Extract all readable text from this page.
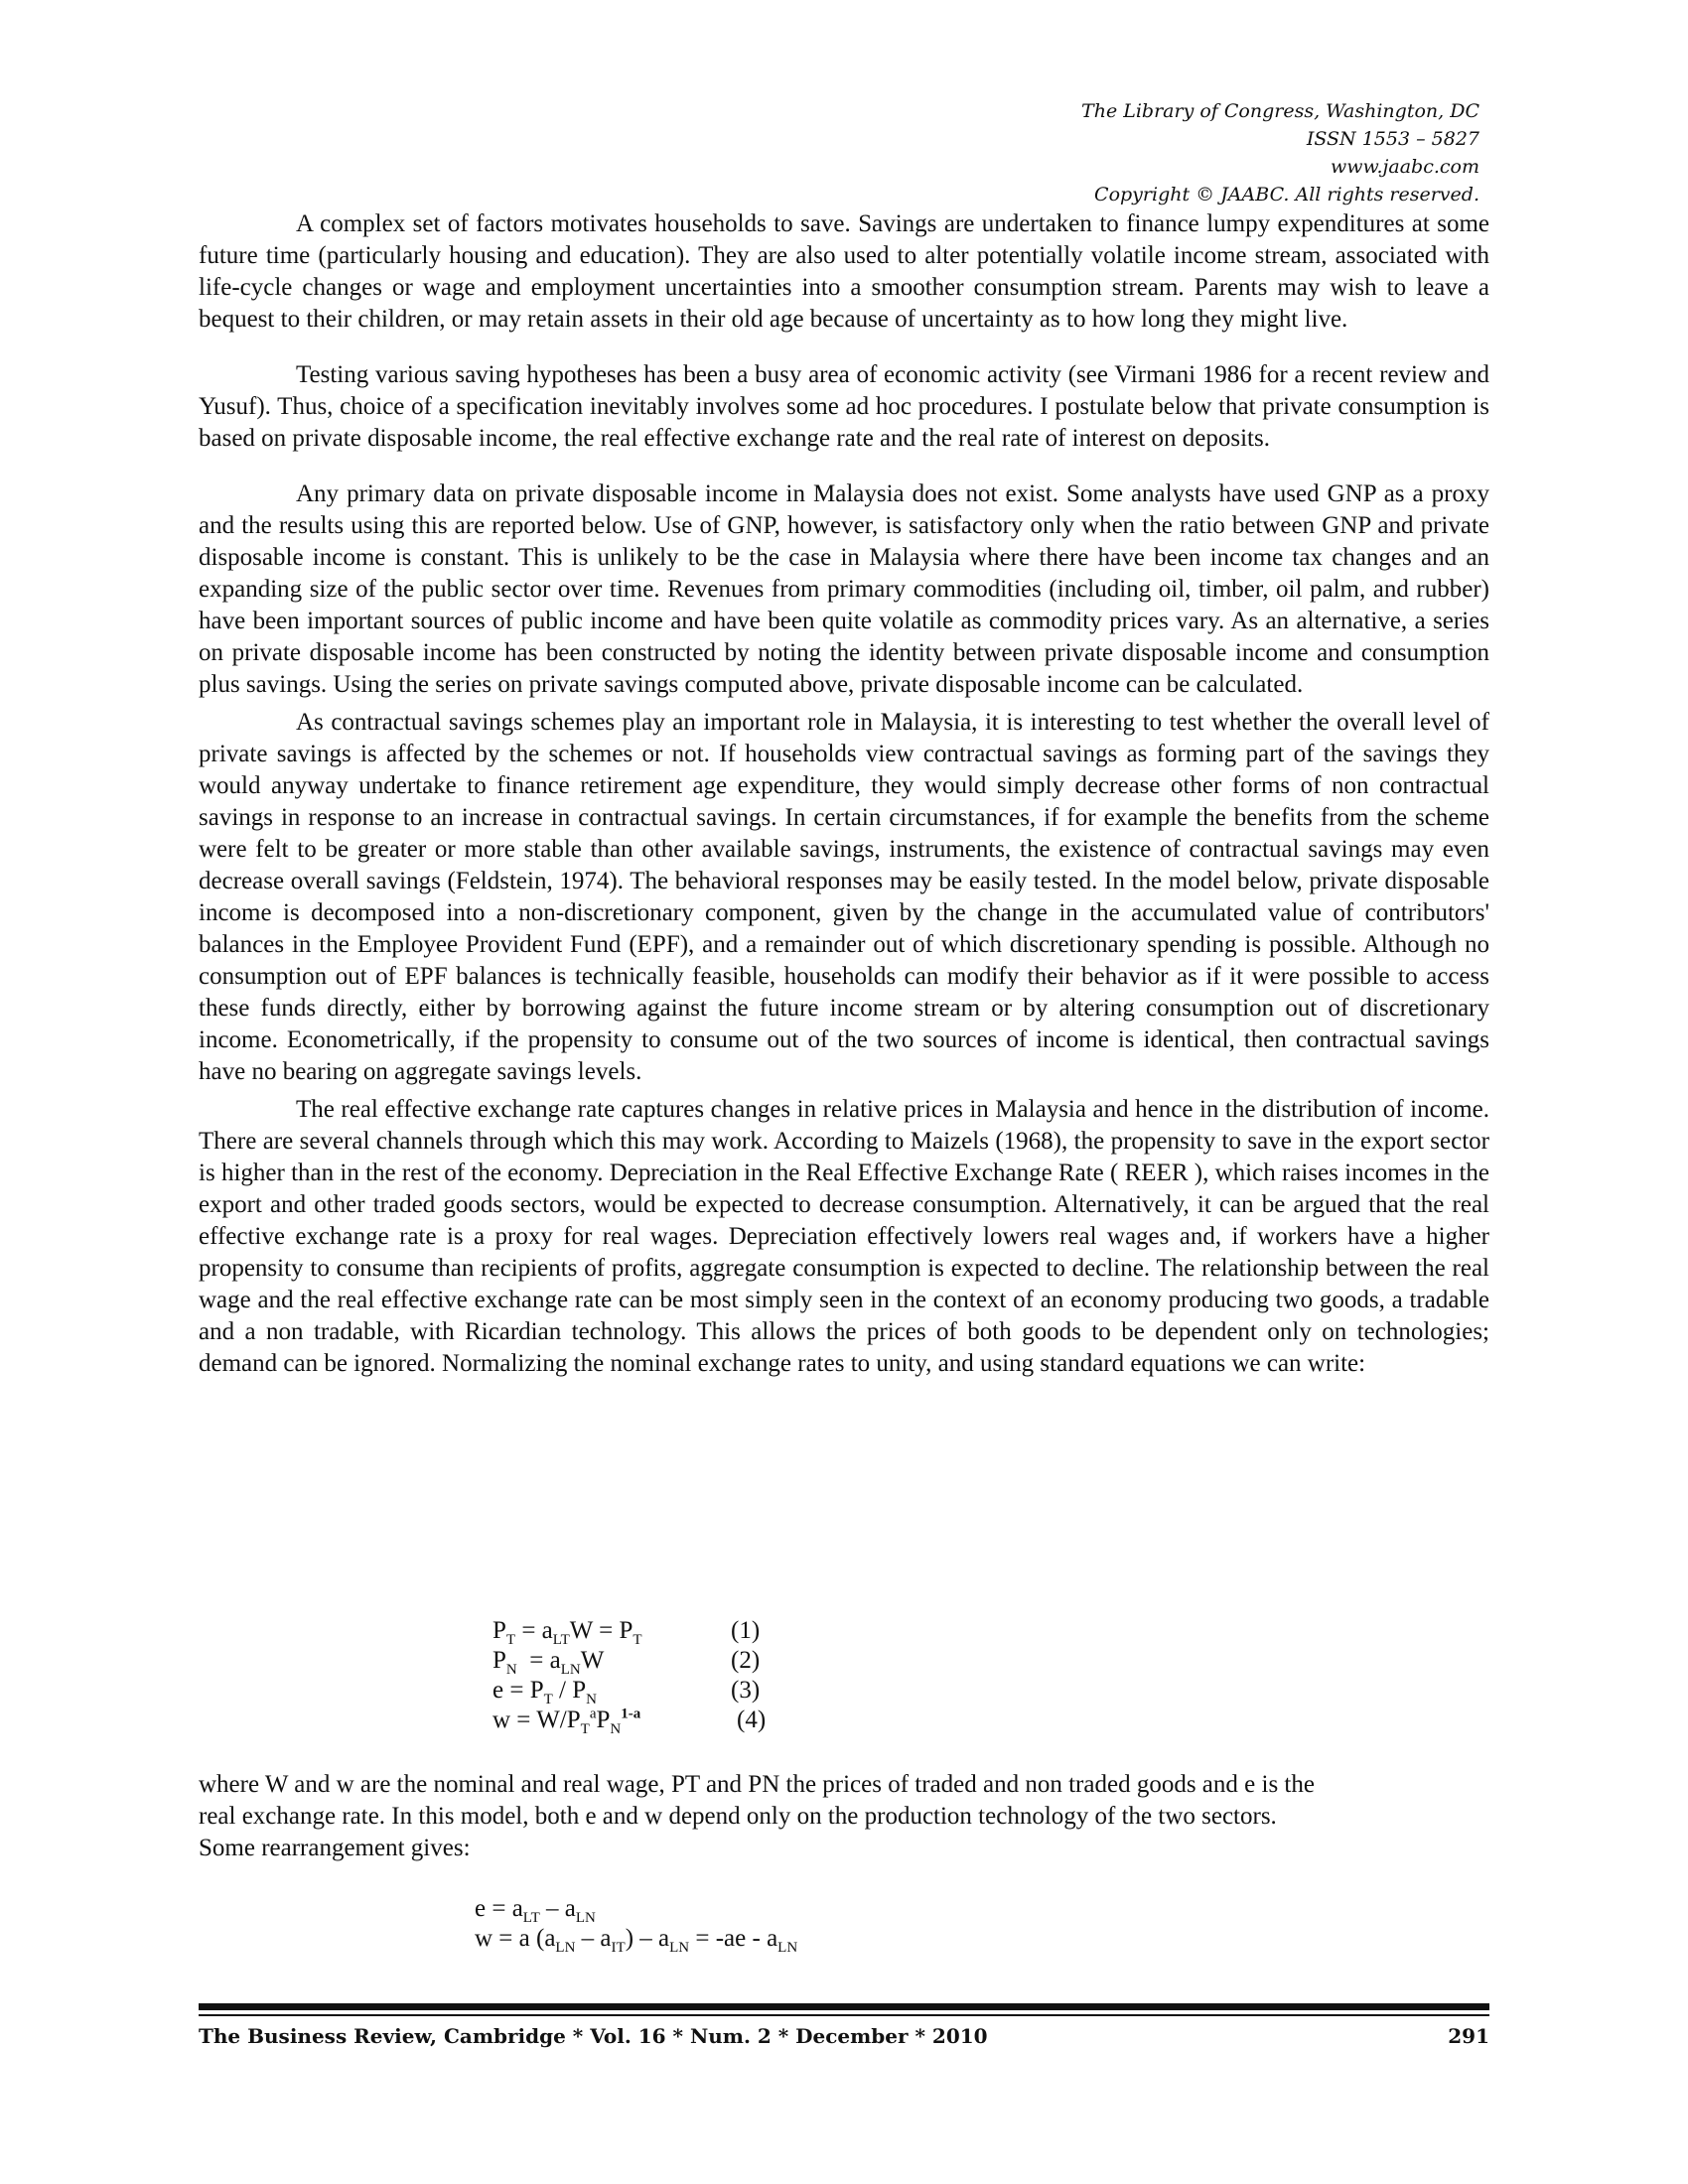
The Library of Congress, Washington, DC
ISSN 1553 – 5827
www.jaabc.com
Copyright © JAABC. All rights reserved.

A complex set of factors motivates households to save. Savings are undertaken to finance lumpy expenditures at some future time (particularly housing and education). They are also used to alter potentially volatile income stream, associated with life-cycle changes or wage and employment uncertainties into a smoother consumption stream. Parents may wish to leave a bequest to their children, or may retain assets in their old age because of uncertainty as to how long they might live.

Testing various saving hypotheses has been a busy area of economic activity (see Virmani 1986 for a recent review and Yusuf). Thus, choice of a specification inevitably involves some ad hoc procedures. I postulate below that private consumption is based on private disposable income, the real effective exchange rate and the real rate of interest on deposits.

Any primary data on private disposable income in Malaysia does not exist. Some analysts have used GNP as a proxy and the results using this are reported below. Use of GNP, however, is satisfactory only when the ratio between GNP and private disposable income is constant. This is unlikely to be the case in Malaysia where there have been income tax changes and an expanding size of the public sector over time. Revenues from primary commodities (including oil, timber, oil palm, and rubber) have been important sources of public income and have been quite volatile as commodity prices vary. As an alternative, a series on private disposable income has been constructed by noting the identity between private disposable income and consumption plus savings. Using the series on private savings computed above, private disposable income can be calculated.

As contractual savings schemes play an important role in Malaysia, it is interesting to test whether the overall level of private savings is affected by the schemes or not. If households view contractual savings as forming part of the savings they would anyway undertake to finance retirement age expenditure, they would simply decrease other forms of non contractual savings in response to an increase in contractual savings. In certain circumstances, if for example the benefits from the scheme were felt to be greater or more stable than other available savings, instruments, the existence of contractual savings may even decrease overall savings (Feldstein, 1974). The behavioral responses may be easily tested. In the model below, private disposable income is decomposed into a non-discretionary component, given by the change in the accumulated value of contributors' balances in the Employee Provident Fund (EPF), and a remainder out of which discretionary spending is possible. Although no consumption out of EPF balances is technically feasible, households can modify their behavior as if it were possible to access these funds directly, either by borrowing against the future income stream or by altering consumption out of discretionary income. Econometrically, if the propensity to consume out of the two sources of income is identical, then contractual savings have no bearing on aggregate savings levels.

The real effective exchange rate captures changes in relative prices in Malaysia and hence in the distribution of income. There are several channels through which this may work. According to Maizels (1968), the propensity to save in the export sector is higher than in the rest of the economy. Depreciation in the Real Effective Exchange Rate ( REER ), which raises incomes in the export and other traded goods sectors, would be expected to decrease consumption. Alternatively, it can be argued that the real effective exchange rate is a proxy for real wages. Depreciation effectively lowers real wages and, if workers have a higher propensity to consume than recipients of profits, aggregate consumption is expected to decline. The relationship between the real wage and the real effective exchange rate can be most simply seen in the context of an economy producing two goods, a tradable and a non tradable, with Ricardian technology. This allows the prices of both goods to be dependent only on technologies; demand can be ignored. Normalizing the nominal exchange rates to unity, and using standard equations we can write:

$P_T = a_{LT}W = P_T$	(1)
$P_N = a_{LN}W$	(2)
$e = P_T / P_N$	(3)
$w = W/P_T^aP_N^{1-a}$	(4)
where W and w are the nominal and real wage, PT and PN the prices of traded and non traded goods and e is the
real exchange rate. In this model, both e and w depend only on the production technology of the two sectors.
Some rearrangement gives:
$e = a_{LT} - a_{LN}$
w = a $(a_{LN} - a_{IT}) - a_{LN} = -ae - a_{LN}$
The Business Review, Cambridge * Vol. 16 * Num. 2 * December * 2010	291
